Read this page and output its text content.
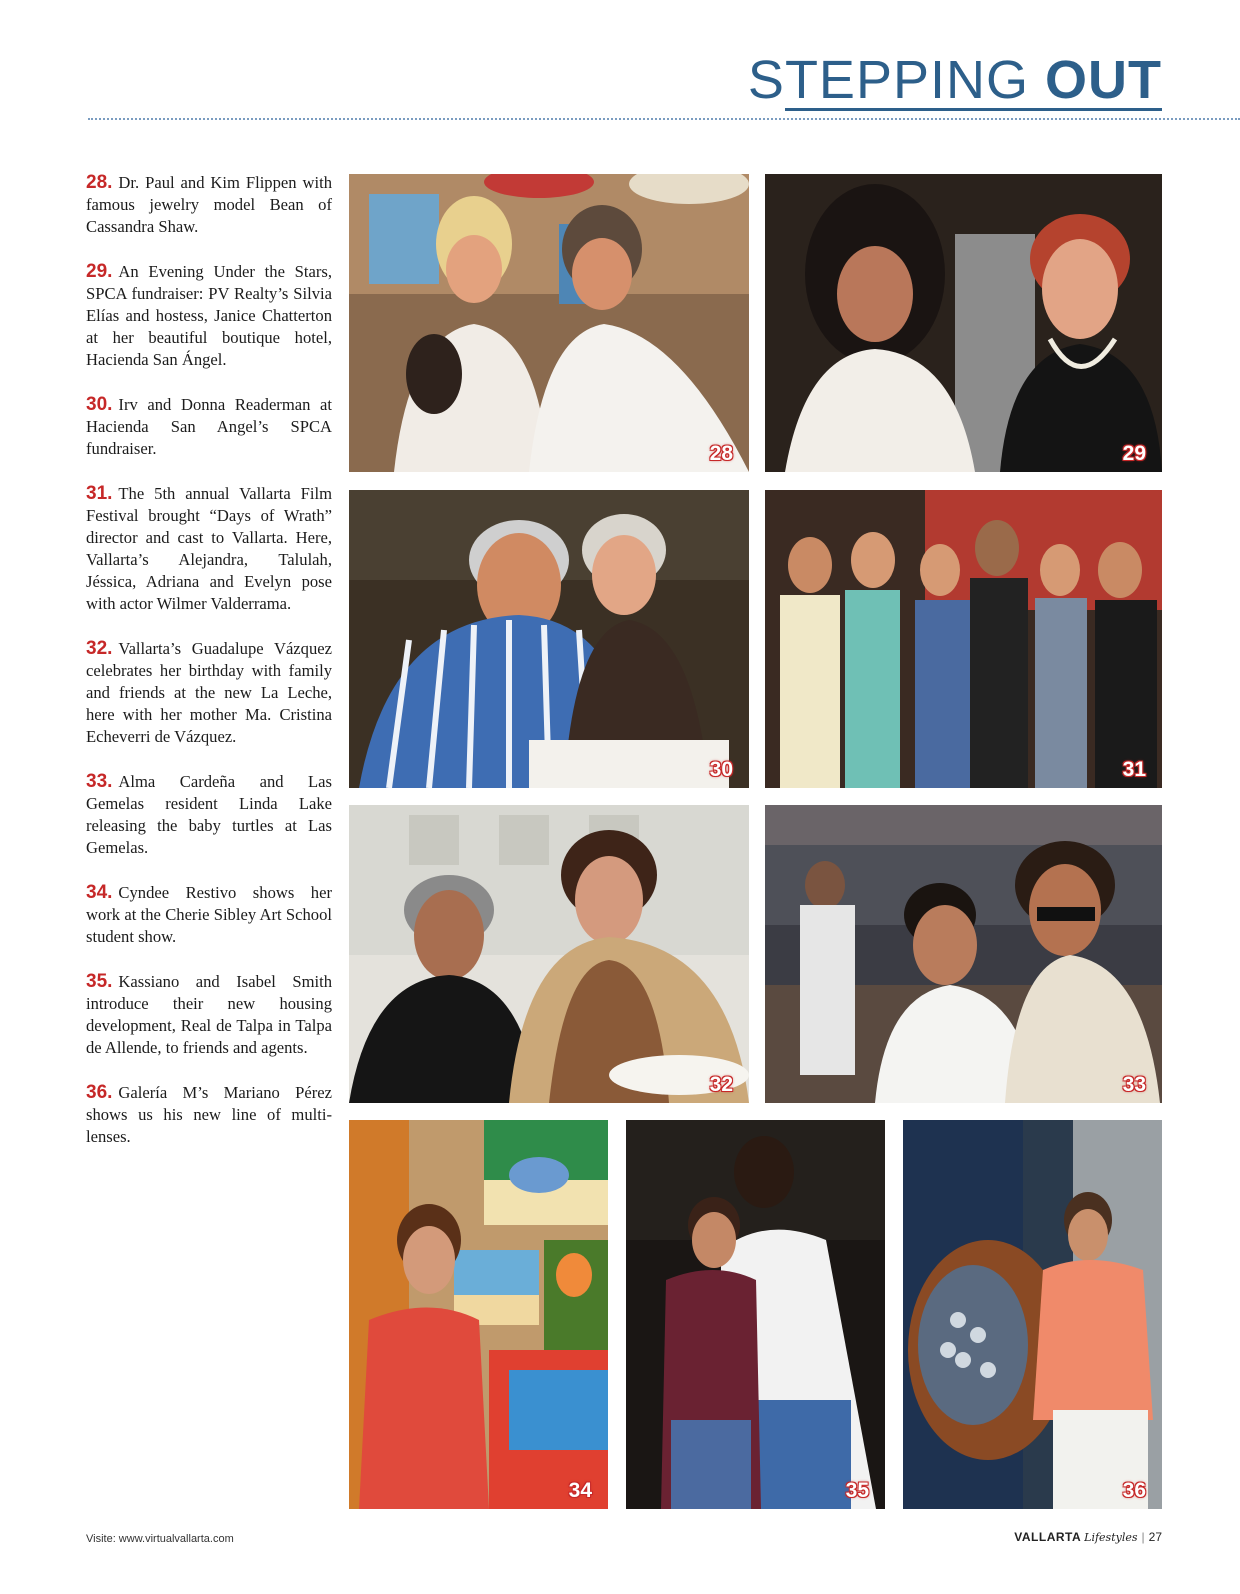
STEPPING OUT

28. Dr. Paul and Kim Flippen with famous jewelry model Bean of Cassandra Shaw.

29. An Evening Under the Stars, SPCA fundraiser: PV Realty’s Silvia Elías and hostess, Janice Chatterton at her beautiful boutique hotel, Hacienda San Ángel.

30. Irv and Donna Readerman at Hacienda San Angel’s SPCA fundraiser.

31. The 5th annual Vallarta Film Festival brought “Days of Wrath” director and cast to Vallarta. Here, Vallarta’s Alejandra, Talulah, Jéssica, Adriana and Evelyn pose with actor Wilmer Valderrama.

32. Vallarta’s Guadalupe Vázquez celebrates her birthday with family and friends at the new La Leche, here with her mother Ma. Cristina Echeverri de Vázquez.

33. Alma Cardeña and Las Gemelas resident Linda Lake releasing the baby turtles at Las Gemelas.

34. Cyndee Restivo shows her work at the Cherie Sibley Art School student show.

35. Kassiano and Isabel Smith introduce their new housing development, Real de Talpa in Talpa de Allende, to friends and agents.

36. Galería M’s Mariano Pérez shows us his new line of multi-lenses.

28	29
30	31
32	33
34	35	36
Visite: www.virtualvallarta.com	VALLARTA Lifestyles | 27
